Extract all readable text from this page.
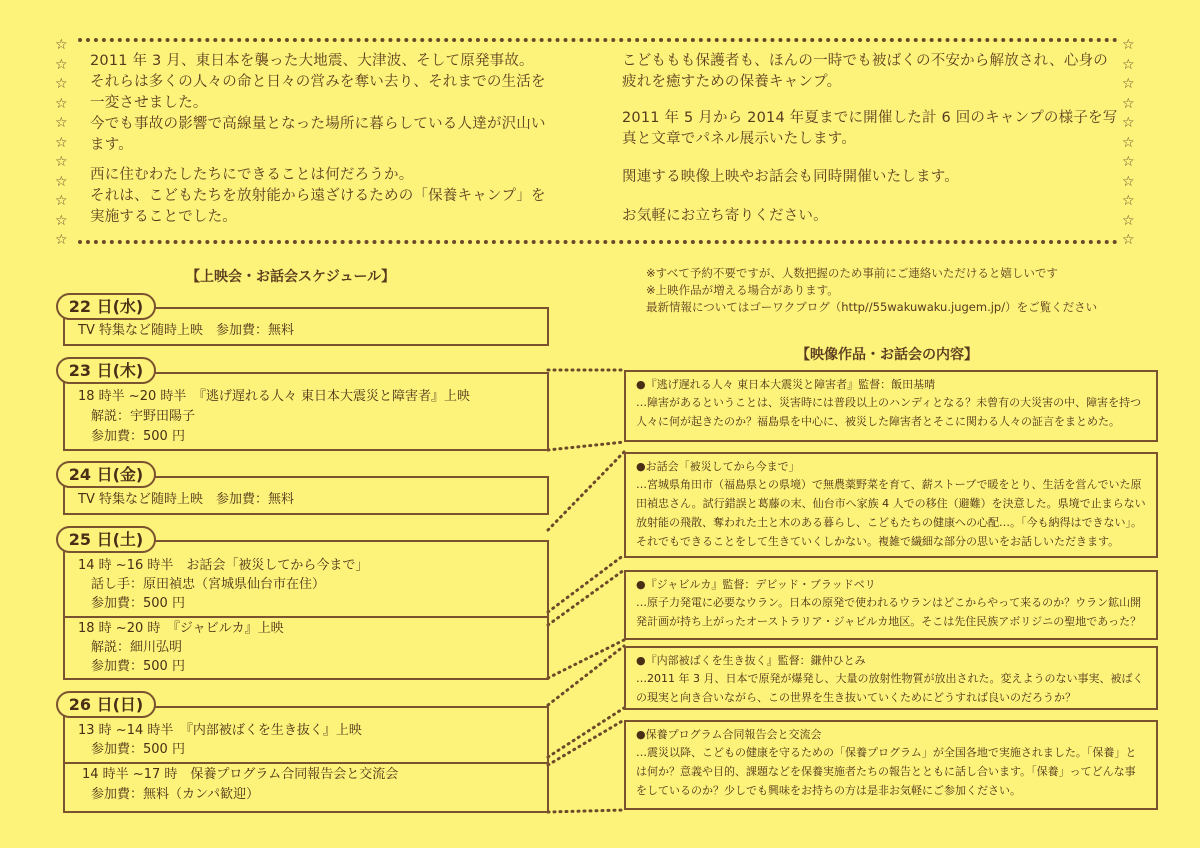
☆
☆
☆
☆
☆
☆
☆
☆
☆
☆
☆
☆
☆
☆
☆
☆
☆
☆
☆
☆
☆
☆
2011 年 3 月、東日本を襲った大地震、大津波、そして原発事故。
それらは多くの人々の命と日々の営みを奪い去り、それまでの生活を
一変させました。
今でも事故の影響で高線量となった場所に暮らしている人達が沢山い
ます。
西に住むわたしたちにできることは何だろうか。
それは、こどもたちを放射能から遠ざけるための「保養キャンプ」を
実施することでした。
こどももも保護者も、ほんの一時でも被ばくの不安から解放され、心身の
疲れを癒すための保養キャンプ。
2011 年 5 月から 2014 年夏までに開催した計 6 回のキャンプの様子を写
真と文章でパネル展示いたします。
関連する映像上映やお話会も同時開催いたします。
お気軽にお立ち寄りください。
【上映会・お話会スケジュール】	※すべて予約不要ですが、人数把握のため事前にご連絡いただけると嬉しいです
※上映作品が増える場合があります。
最新情報についてはゴーワクブログ（http//55wakuwaku.jugem.jp/）をご覧ください
【映像作品・お話会の内容】
22 日(水)
TV 特集など随時上映　参加費：無料
23 日(木)
18 時半 ~20 時半　『逃げ遅れる人々 東日本大震災と障害者』上映
　解説：宇野田陽子
　参加費：500 円
24 日(金)
TV 特集など随時上映　参加費：無料
25 日(土)
14 時 ~16 時半　お話会「被災してから今まで」
　話し手：原田禎忠（宮城県仙台市在住）
　参加費：500 円
18 時 ~20 時　『ジャビルカ』上映
　解説：細川弘明
　参加費：500 円
26 日(日)
13 時 ~14 時半　『内部被ばくを生き抜く』上映
　参加費：500 円
14 時半 ~17 時　保養プログラム合同報告会と交流会
　参加費：無料（カンパ歓迎）
●『逃げ遅れる人々 東日本大震災と障害者』監督：飯田基晴
…障害があるということは、災害時には普段以上のハンディとなる？未曾有の大災害の中、障害を持つ
人々に何が起きたのか？福島県を中心に、被災した障害者とそこに関わる人々の証言をまとめた。
●お話会「被災してから今まで」
…宮城県角田市（福島県との県境）で無農薬野菜を育て、薪ストーブで暖をとり、生活を営んでいた原
田禎忠さん。試行錯誤と葛藤の末、仙台市へ家族 4 人での移住（避難）を決意した。県境で止まらない
放射能の飛散、奪われた土と木のある暮らし、こどもたちの健康への心配…。「今も納得はできない」。
それでもできることをして生きていくしかない。複雑で繊細な部分の思いをお話しいただきます。
●『ジャビルカ』監督：デビッド・ブラッドベリ
…原子力発電に必要なウラン。日本の原発で使われるウランはどこからやって来るのか？ウラン鉱山開
発計画が持ち上がったオーストラリア・ジャビルカ地区。そこは先住民族アボリジニの聖地であった？
●『内部被ばくを生き抜く』監督：鎌仲ひとみ
…2011 年 3 月、日本で原発が爆発し、大量の放射性物質が放出された。変えようのない事実、被ばく
の現実と向き合いながら、この世界を生き抜いていくためにどうすれば良いのだろうか？
●保養プログラム合同報告会と交流会
…震災以降、こどもの健康を守るための「保養プログラム」が全国各地で実施されました。「保養」と
は何か？意義や目的、課題などを保養実施者たちの報告とともに話し合います。「保養」ってどんな事
をしているのか？少しでも興味をお持ちの方は是非お気軽にご参加ください。
